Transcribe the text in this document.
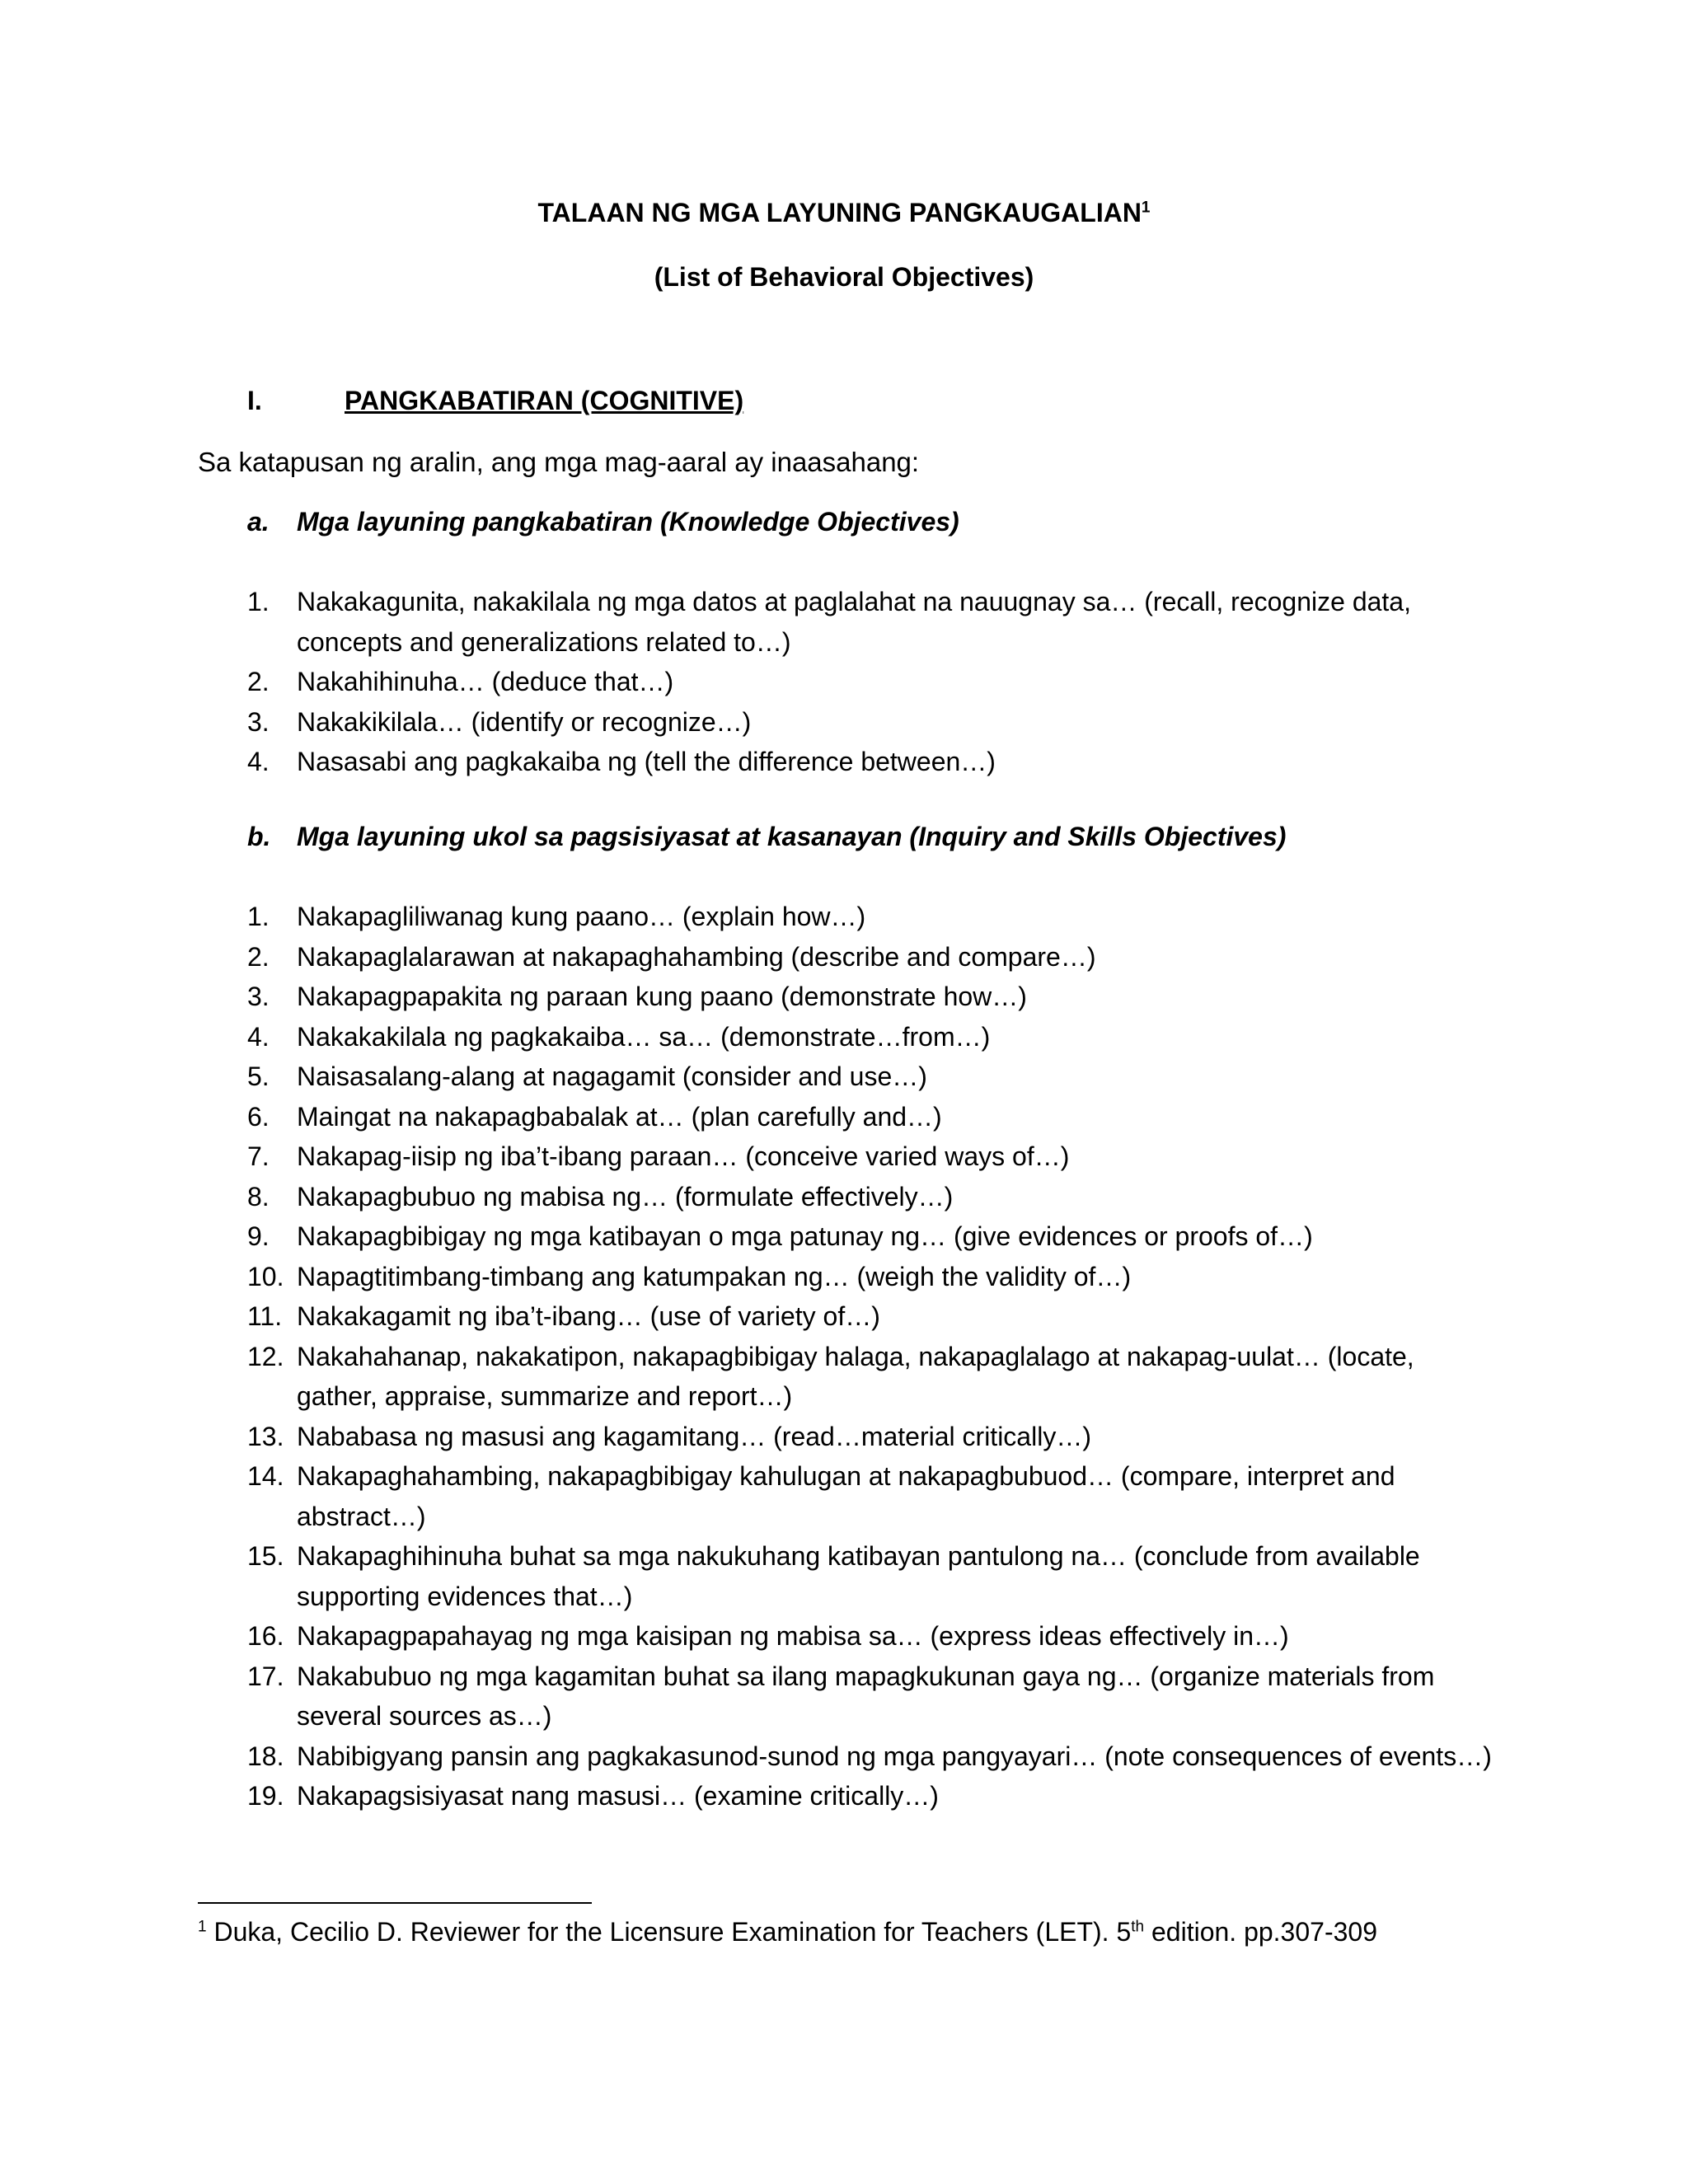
TALAAN NG MGA LAYUNING PANGKAUGALIAN$^1$
(List of Behavioral Objectives)
I.	PANGKABATIRAN (COGNITIVE)
Sa katapusan ng aralin, ang mga mag-aaral ay inaasahang:
a. Mga layuning pangkabatiran (Knowledge Objectives)
1.	Nakakagunita, nakakilala ng mga datos at paglalahat na nauugnay sa… (recall, recognize data, concepts and generalizations related to…)
2.	Nakahihinuha… (deduce that…)
3.	Nakakikilala… (identify or recognize…)
4.	Nasasabi ang pagkakaiba ng (tell the difference between…)
b. Mga layuning ukol sa pagsisiyasat at kasanayan (Inquiry and Skills Objectives)
1.	Nakapagliliwanag kung paano… (explain how…)
2.	Nakapaglalarawan at nakapaghahambing (describe and compare…)
3.	Nakapagpapakita ng paraan kung paano (demonstrate how…)
4.	Nakakakilala ng pagkakaiba… sa… (demonstrate…from…)
5.	Naisasalang-alang at nagagamit (consider and use…)
6.	Maingat na nakapagbabalak at… (plan carefully and…)
7.	Nakapag-iisip ng iba’t-ibang paraan… (conceive varied ways of…)
8.	Nakapagbubuo ng mabisa ng… (formulate effectively…)
9.	Nakapagbibigay ng mga katibayan o mga patunay ng… (give evidences or proofs of…)
10. Napagtitimbang-timbang ang katumpakan ng… (weigh the validity of…)
11. Nakakagamit ng iba’t-ibang… (use of variety of…)
12. Nakahahanap, nakakatipon, nakapagbibigay halaga, nakapaglalago at nakapag-uulat… (locate, gather, appraise, summarize and report…)
13. Nababasa ng masusi ang kagamitang… (read…material critically…)
14. Nakapaghahambing, nakapagbibigay kahulugan at nakapagbubuod… (compare, interpret and abstract…)
15. Nakapaghihinuha buhat sa mga nakukuhang katibayan pantulong na… (conclude from available supporting evidences that…)
16. Nakapagpapahayag ng mga kaisipan ng mabisa sa… (express ideas effectively in…)
17. Nakabubuo ng mga kagamitan buhat sa ilang mapagkukunan gaya ng… (organize materials from several sources as…)
18. Nabibigyang pansin ang pagkakasunod-sunod ng mga pangyayari… (note consequences of events…)
19. Nakapagsisiyasat nang masusi… (examine critically…)
$^1$ Duka, Cecilio D. Reviewer for the Licensure Examination for Teachers (LET). 5th edition. pp.307-309
